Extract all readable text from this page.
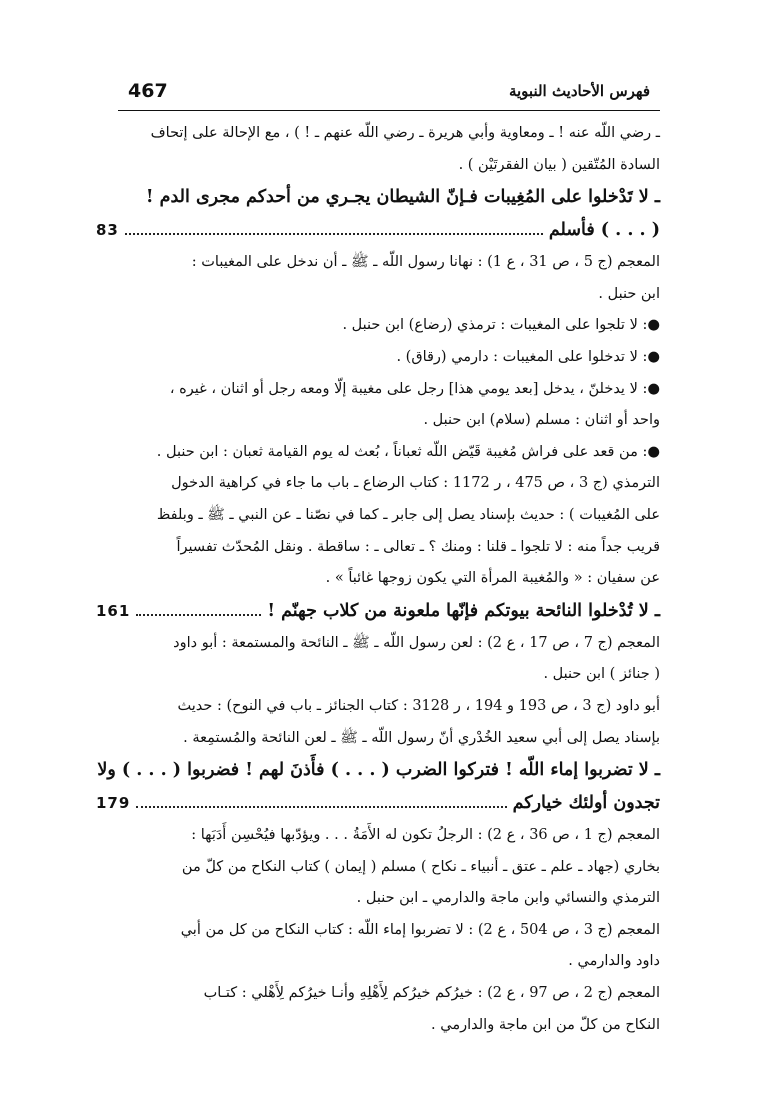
467	فهرس الأحاديث النبوية
ـ رضي اللّه عنه ! ـ ومعاوية وأبي هريرة ـ رضي اللّه عنهم ـ ! ) ، مع الإحالة على إتحاف
السادة المُتّقين ( بيان الفقرتَيْن ) .
ـ لا تَدْخلوا على المُغِيبات فـإنّ الشيطان يجـري من أحدكم مجرى الدم !
( . . . ) فأسلم
83
المعجم (ج 5 ، ص 31 ، ع 1) : نهانا رسول اللّه ـ ﷺ ـ أن ندخل على المغيبات :
ابن حنبل .
●: لا تلجوا على المغيبات : ترمذي (رضاع) ابن حنبل .
●: لا تدخلوا على المغيبات : دارمي (رقاق) .
●: لا يدخلنّ ، يدخل [بعد يومي هذا] رجل على مغيبة إلّا ومعه رجل أو اثنان ، غيره ،
واحد أو اثنان : مسلم (سلام) ابن حنبل .
●: من قعد على فراش مُغيبة قَيّض اللّه ثعباناً ، بُعث له يوم القيامة ثعبان : ابن حنبل .
الترمذي (ج 3 ، ص 475 ، ر 1172 : كتاب الرضاع ـ باب ما جاء في كراهية الدخول
على المُغيبات ) : حديث بإسناد يصل إلى جابر ـ كما في نصّنا ـ عن النبي ـ ﷺ ـ وبلفظ
قريب جداً منه : لا تلجوا ـ قلنا : ومنك ؟ ـ تعالى ـ : ساقطة . ونقل المُحدّث تفسيراً
عن سفيان : « والمُغيبة المرأة التي يكون زوجها غائباً » .
ـ لا تُدْخلوا النائحة بيوتكم فإنّها ملعونة من كلاب جهنّم !
161
المعجم (ج 7 ، ص 17 ، ع 2) : لعن رسول اللّه ـ ﷺ ـ النائحة والمستمعة : أبو داود
( جنائز ) ابن حنبل .
أبو داود (ج 3 ، ص 193 و 194 ، ر 3128 : كتاب الجنائز ـ باب في النوح) : حديث
بإسناد يصل إلى أبي سعيد الخُدْري أنّ رسول اللّه ـ ﷺ ـ لعن النائحة والمُستمِعة .
ـ لا تضربوا إماء اللّه ! فتركوا الضرب ( . . . ) فأَذنَ لهم ! فضربوا ( . . . ) ولا
تجدون أولئك خياركم
179
المعجم (ج 1 ، ص 36 ، ع 2) : الرجلُ تكون له الأَمَةُ . . . ويؤدّبها فيُحْسِن أَدَبَها :
بخاري (جهاد ـ علم ـ عتق ـ أنبياء ـ نكاح ) مسلم ( إيمان ) كتاب النكاح من كلّ من
الترمذي والنسائي وابن ماجة والدارمي ـ ابن حنبل .
المعجم (ج 3 ، ص 504 ، ع 2) : لا تضربوا إماء اللّه : كتاب النكاح من كل من أبي
داود والدارمي .
المعجم (ج 2 ، ص 97 ، ع 2) : خيرُكم خيرُكم لِأَهْلِهِ وأنـا خيرُكم لِأَهْلي : كتـاب
النكاح من كلّ من ابن ماجة والدارمي .
